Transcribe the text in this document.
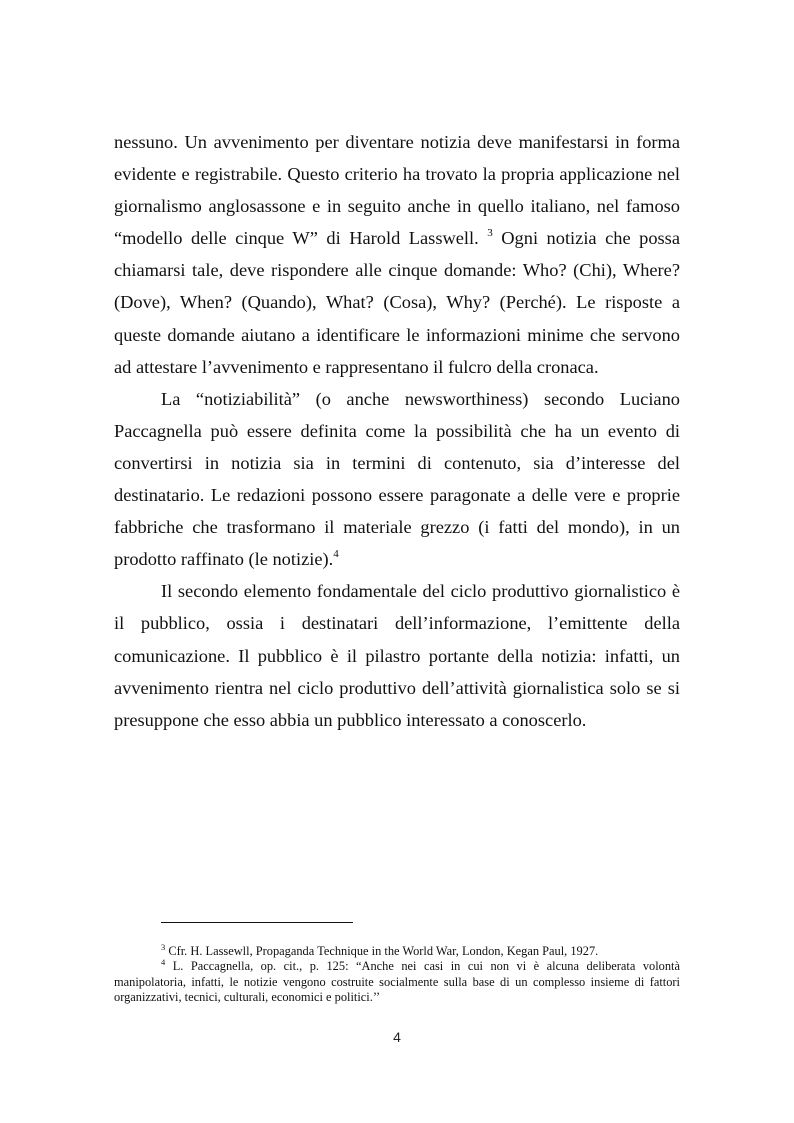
nessuno. Un avvenimento per diventare notizia deve manifestarsi in forma evidente e registrabile. Questo criterio ha trovato la propria applicazione nel giornalismo anglosassone e in seguito anche in quello italiano, nel famoso “modello delle cinque W” di Harold Lasswell. $^3$ Ogni notizia che possa chiamarsi tale, deve rispondere alle cinque domande: Who? (Chi), Where? (Dove), When? (Quando), What? (Cosa), Why? (Perché). Le risposte a queste domande aiutano a identificare le informazioni minime che servono ad attestare l’avvenimento e rappresentano il fulcro della cronaca.

La “notiziabilità” (o anche newsworthiness) secondo Luciano Paccagnella può essere definita come la possibilità che ha un evento di convertirsi in notizia sia in termini di contenuto, sia d’interesse del destinatario. Le redazioni possono essere paragonate a delle vere e proprie fabbriche che trasformano il materiale grezzo (i fatti del mondo), in un prodotto raffinato (le notizie).$^4$

Il secondo elemento fondamentale del ciclo produttivo giornalistico è il pubblico, ossia i destinatari dell’informazione, l’emittente della comunicazione. Il pubblico è il pilastro portante della notizia: infatti, un avvenimento rientra nel ciclo produttivo dell’attività giornalistica solo se si presuppone che esso abbia un pubblico interessato a conoscerlo.

$^3$ Cfr. H. Lassewll, Propaganda Technique in the World War, London, Kegan Paul, 1927.

$^4$ L. Paccagnella, op. cit., p. 125: “Anche nei casi in cui non vi è alcuna deliberata volontà manipolatoria, infatti, le notizie vengono costruite socialmente sulla base di un complesso insieme di fattori organizzativi, tecnici, culturali, economici e politici.’’

4
